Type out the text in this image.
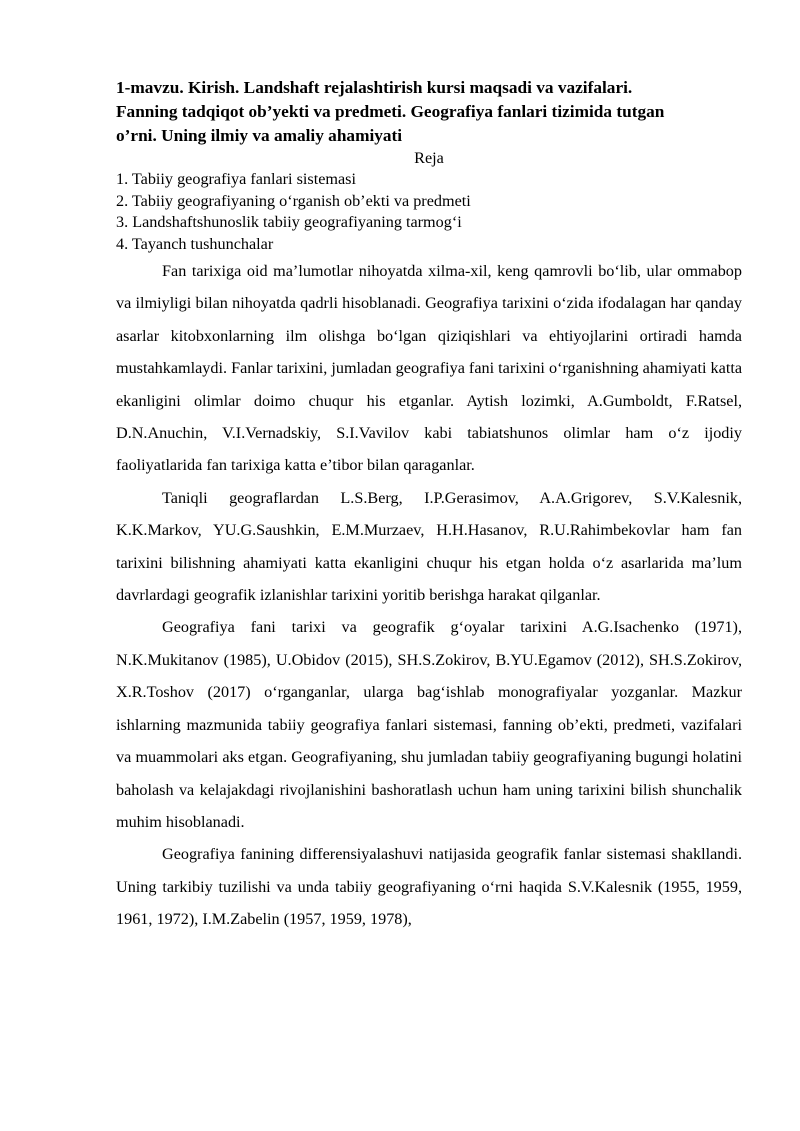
1-mavzu. Kirish. Landshaft rejalashtirish kursi maqsadi va vazifalari.
Fanning tadqiqot ob’yekti va predmeti. Geografiya fanlari tizimida tutgan
o’rni. Uning ilmiy va amaliy ahamiyati

Reja

1. Tabiiy geografiya fanlari sistemasi
2. Tabiiy geografiyaning o‘rganish ob’ekti va predmeti
3. Landshaftshunoslik tabiiy geografiyaning tarmog‘i
4. Tayanch tushunchalar

Fan tarixiga oid ma’lumotlar nihoyatda xilma-xil, keng qamrovli bo‘lib, ular ommabop va ilmiyligi bilan nihoyatda qadrli hisoblanadi. Geografiya tarixini o‘zida ifodalagan har qanday asarlar kitobxonlarning ilm olishga bo‘lgan qiziqishlari va ehtiyojlarini ortiradi hamda mustahkamlaydi. Fanlar tarixini, jumladan geografiya fani tarixini o‘rganishning ahamiyati katta ekanligini olimlar doimo chuqur his etganlar. Aytish lozimki, A.Gumboldt, F.Ratsel, D.N.Anuchin, V.I.Vernadskiy, S.I.Vavilov kabi tabiatshunos olimlar ham o‘z ijodiy faoliyatlarida fan tarixiga katta e’tibor bilan qaraganlar.

Taniqli geograflardan L.S.Berg, I.P.Gerasimov, A.A.Grigorev, S.V.Kalesnik, K.K.Markov, YU.G.Saushkin, E.M.Murzaev, H.H.Hasanov, R.U.Rahimbekovlar ham fan tarixini bilishning ahamiyati katta ekanligini chuqur his etgan holda o‘z asarlarida ma’lum davrlardagi geografik izlanishlar tarixini yoritib berishga harakat qilganlar.

Geografiya fani tarixi va geografik g‘oyalar tarixini A.G.Isachenko (1971), N.K.Mukitanov (1985), U.Obidov (2015), SH.S.Zokirov, B.YU.Egamov (2012), SH.S.Zokirov, X.R.Toshov (2017) o‘rganganlar, ularga bag‘ishlab monografiyalar yozganlar. Mazkur ishlarning mazmunida tabiiy geografiya fanlari sistemasi, fanning ob’ekti, predmeti, vazifalari va muammolari aks etgan. Geografiyaning, shu jumladan tabiiy geografiyaning bugungi holatini baholash va kelajakdagi rivojlanishini bashoratlash uchun ham uning tarixini bilish shunchalik muhim hisoblanadi.

Geografiya fanining differensiyalashuvi natijasida geografik fanlar sistemasi shakllandi. Uning tarkibiy tuzilishi va unda tabiiy geografiyaning o‘rni haqida S.V.Kalesnik (1955, 1959, 1961, 1972), I.M.Zabelin (1957, 1959, 1978),
